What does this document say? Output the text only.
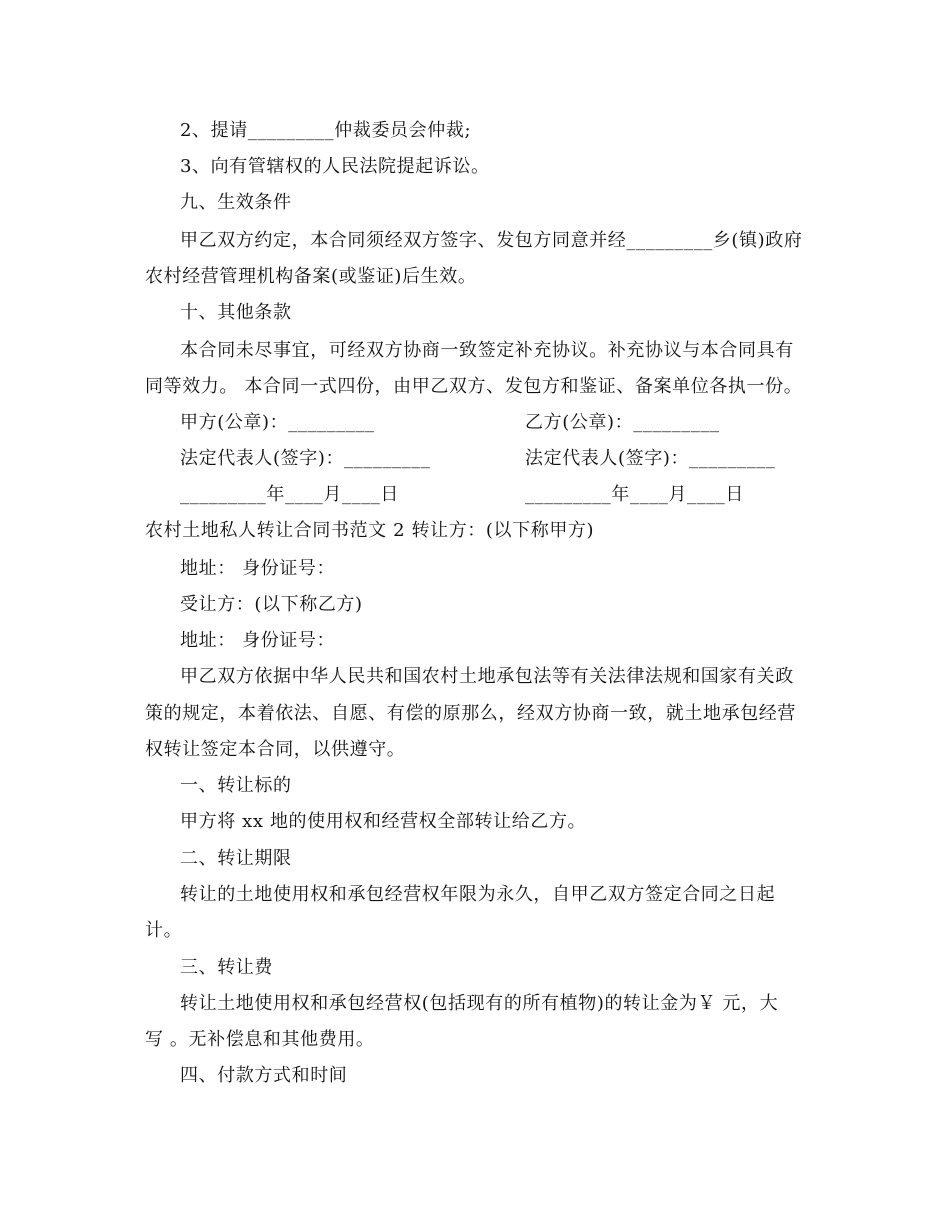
2、提请_________仲裁委员会仲裁;
3、向有管辖权的人民法院提起诉讼。
九、生效条件
甲乙双方约定，本合同须经双方签字、发包方同意并经_________乡(镇)政府
农村经营管理机构备案(或鉴证)后生效。
十、其他条款
本合同未尽事宜，可经双方协商一致签定补充协议。补充协议与本合同具有
同等效力。 本合同一式四份，由甲乙双方、发包方和鉴证、备案单位各执一份。
甲方(公章)：_________	乙方(公章)：_________
法定代表人(签字)：_________	法定代表人(签字)：_________
_________年____月____日	_________年____月____日
农村土地私人转让合同书范文 2 转让方：(以下称甲方)
地址： 身份证号：
受让方：(以下称乙方)
地址： 身份证号：
甲乙双方依据中华人民共和国农村土地承包法等有关法律法规和国家有关政
策的规定，本着依法、自愿、有偿的原那么，经双方协商一致，就土地承包经营
权转让签定本合同，以供遵守。
一、转让标的
甲方将 xx 地的使用权和经营权全部转让给乙方。
二、转让期限
转让的土地使用权和承包经营权年限为永久，自甲乙双方签定合同之日起
计。
三、转让费
转让土地使用权和承包经营权(包括现有的所有植物)的转让金为￥ 元，大
写 。无补偿息和其他费用。
四、付款方式和时间
